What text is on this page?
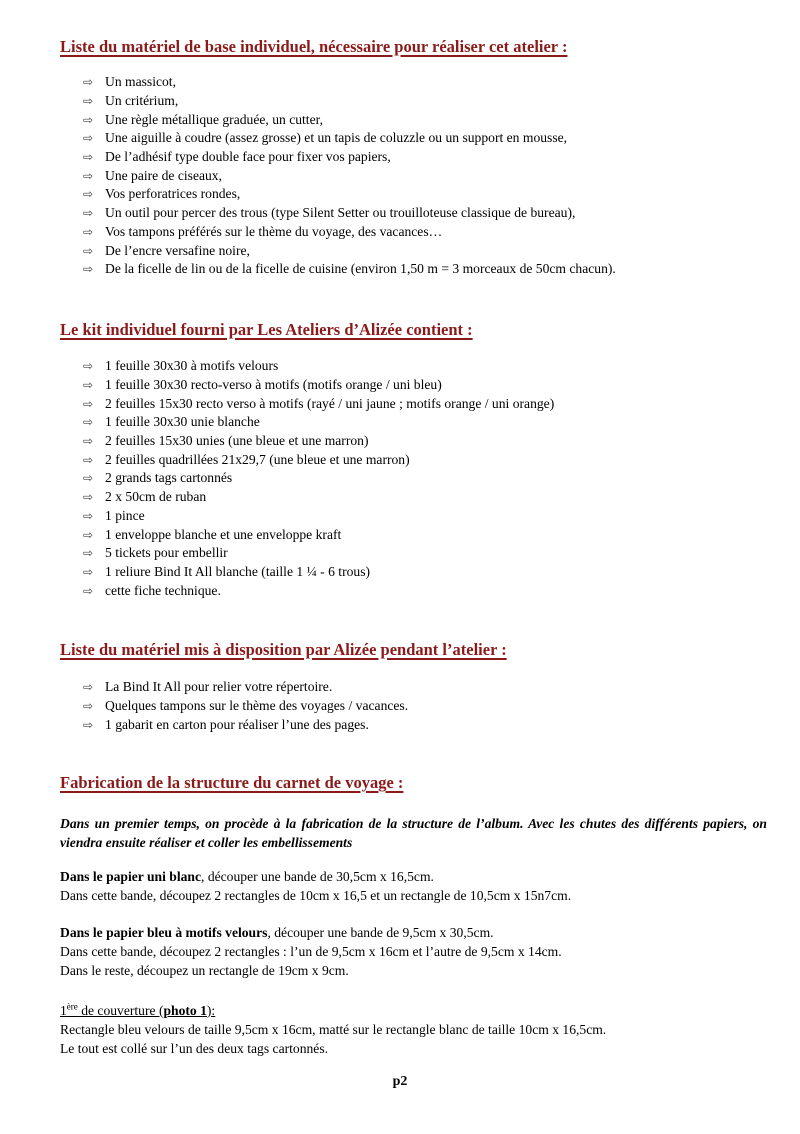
Liste du matériel de base individuel, nécessaire pour réaliser cet atelier :
⇨ Un massicot,
⇨ Un critérium,
⇨ Une règle métallique graduée, un cutter,
⇨ Une aiguille à coudre (assez grosse) et un tapis de coluzzle ou un support en mousse,
⇨ De l’adhésif type double face pour fixer vos papiers,
⇨ Une paire de ciseaux,
⇨ Vos perforatrices rondes,
⇨ Un outil pour percer des trous (type Silent Setter ou trouilloteuse classique de bureau),
⇨ Vos tampons préférés sur le thème du voyage, des vacances…
⇨ De l’encre versafine noire,
⇨ De la ficelle de lin ou de la ficelle de cuisine (environ 1,50 m = 3 morceaux de 50cm chacun).
Le kit individuel fourni par Les Ateliers d’Alizée contient :
⇨ 1 feuille 30x30 à motifs velours
⇨ 1 feuille 30x30 recto-verso à motifs (motifs orange / uni bleu)
⇨ 2 feuilles 15x30 recto verso à motifs (rayé / uni jaune ; motifs orange / uni orange)
⇨ 1 feuille 30x30 unie blanche
⇨ 2 feuilles 15x30 unies (une bleue et une marron)
⇨ 2 feuilles quadrillées 21x29,7 (une bleue et une marron)
⇨ 2 grands tags cartonnés
⇨ 2 x 50cm de ruban
⇨ 1 pince
⇨ 1 enveloppe blanche et une enveloppe kraft
⇨ 5 tickets pour embellir
⇨ 1 reliure Bind It All blanche (taille 1 ¼ - 6 trous)
⇨ cette fiche technique.
Liste du matériel mis à disposition par Alizée pendant l’atelier :
⇨ La Bind It All pour relier votre répertoire.
⇨ Quelques tampons sur le thème des voyages / vacances.
⇨ 1 gabarit en carton pour réaliser l’une des pages.
Fabrication de la structure du carnet de voyage :
Dans un premier temps, on procède à la fabrication de la structure de l’album. Avec les chutes des différents papiers, on viendra ensuite réaliser et coller les embellissements
Dans le papier uni blanc, découper une bande de 30,5cm x 16,5cm.
Dans cette bande, découpez 2 rectangles de 10cm x 16,5 et un rectangle de 10,5cm x 15n7cm.
Dans le papier bleu à motifs velours, découper une bande de 9,5cm x 30,5cm.
Dans cette bande, découpez 2 rectangles : l’un de 9,5cm x 16cm et l’autre de 9,5cm x 14cm.
Dans le reste, découpez un rectangle de 19cm x 9cm.
1ère de couverture (photo 1):
Rectangle bleu velours de taille 9,5cm x 16cm, matté sur le rectangle blanc de taille 10cm x 16,5cm.
Le tout est collé sur l’un des deux tags cartonnés.
p2
